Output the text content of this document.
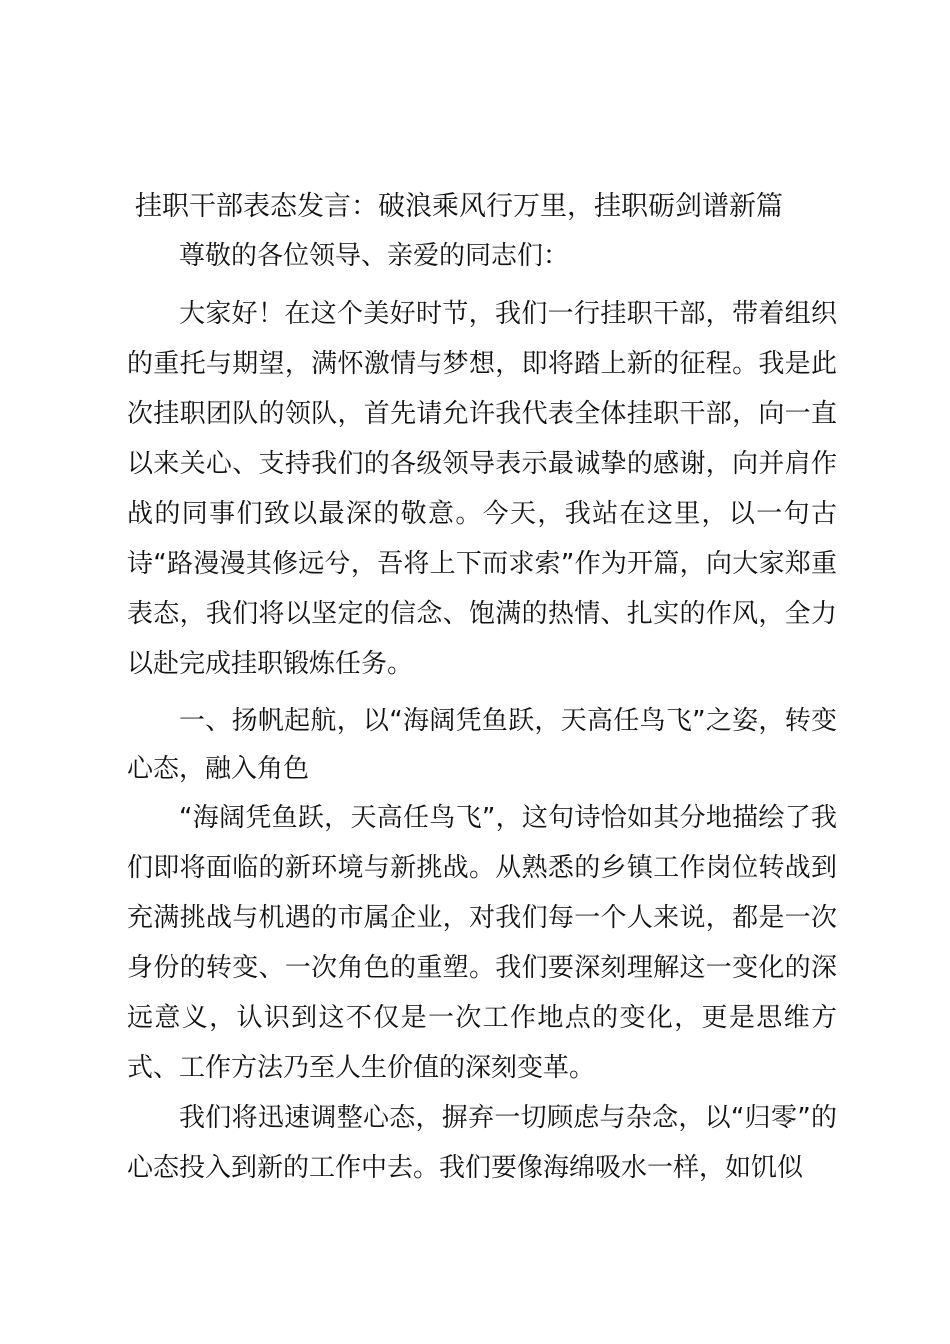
挂职干部表态发言：破浪乘风行万里，挂职砺剑谱新篇

尊敬的各位领导、亲爱的同志们：

大家好！在这个美好时节，我们一行挂职干部，带着组织的重托与期望，满怀激情与梦想，即将踏上新的征程。我是此次挂职团队的领队，首先请允许我代表全体挂职干部，向一直以来关心、支持我们的各级领导表示最诚挚的感谢，向并肩作战的同事们致以最深的敬意。今天，我站在这里，以一句古诗“路漫漫其修远兮，吾将上下而求索”作为开篇，向大家郑重表态，我们将以坚定的信念、饱满的热情、扎实的作风，全力以赴完成挂职锻炼任务。

一、扬帆起航，以“海阔凭鱼跃，天高任鸟飞”之姿，转变心态，融入角色

“海阔凭鱼跃，天高任鸟飞”，这句诗恰如其分地描绘了我们即将面临的新环境与新挑战。从熟悉的乡镇工作岗位转战到充满挑战与机遇的市属企业，对我们每一个人来说，都是一次身份的转变、一次角色的重塑。我们要深刻理解这一变化的深远意义，认识到这不仅是一次工作地点的变化，更是思维方式、工作方法乃至人生价值的深刻变革。

我们将迅速调整心态，摒弃一切顾虑与杂念，以“归零”的心态投入到新的工作中去。我们要像海绵吸水一样，如饥似
